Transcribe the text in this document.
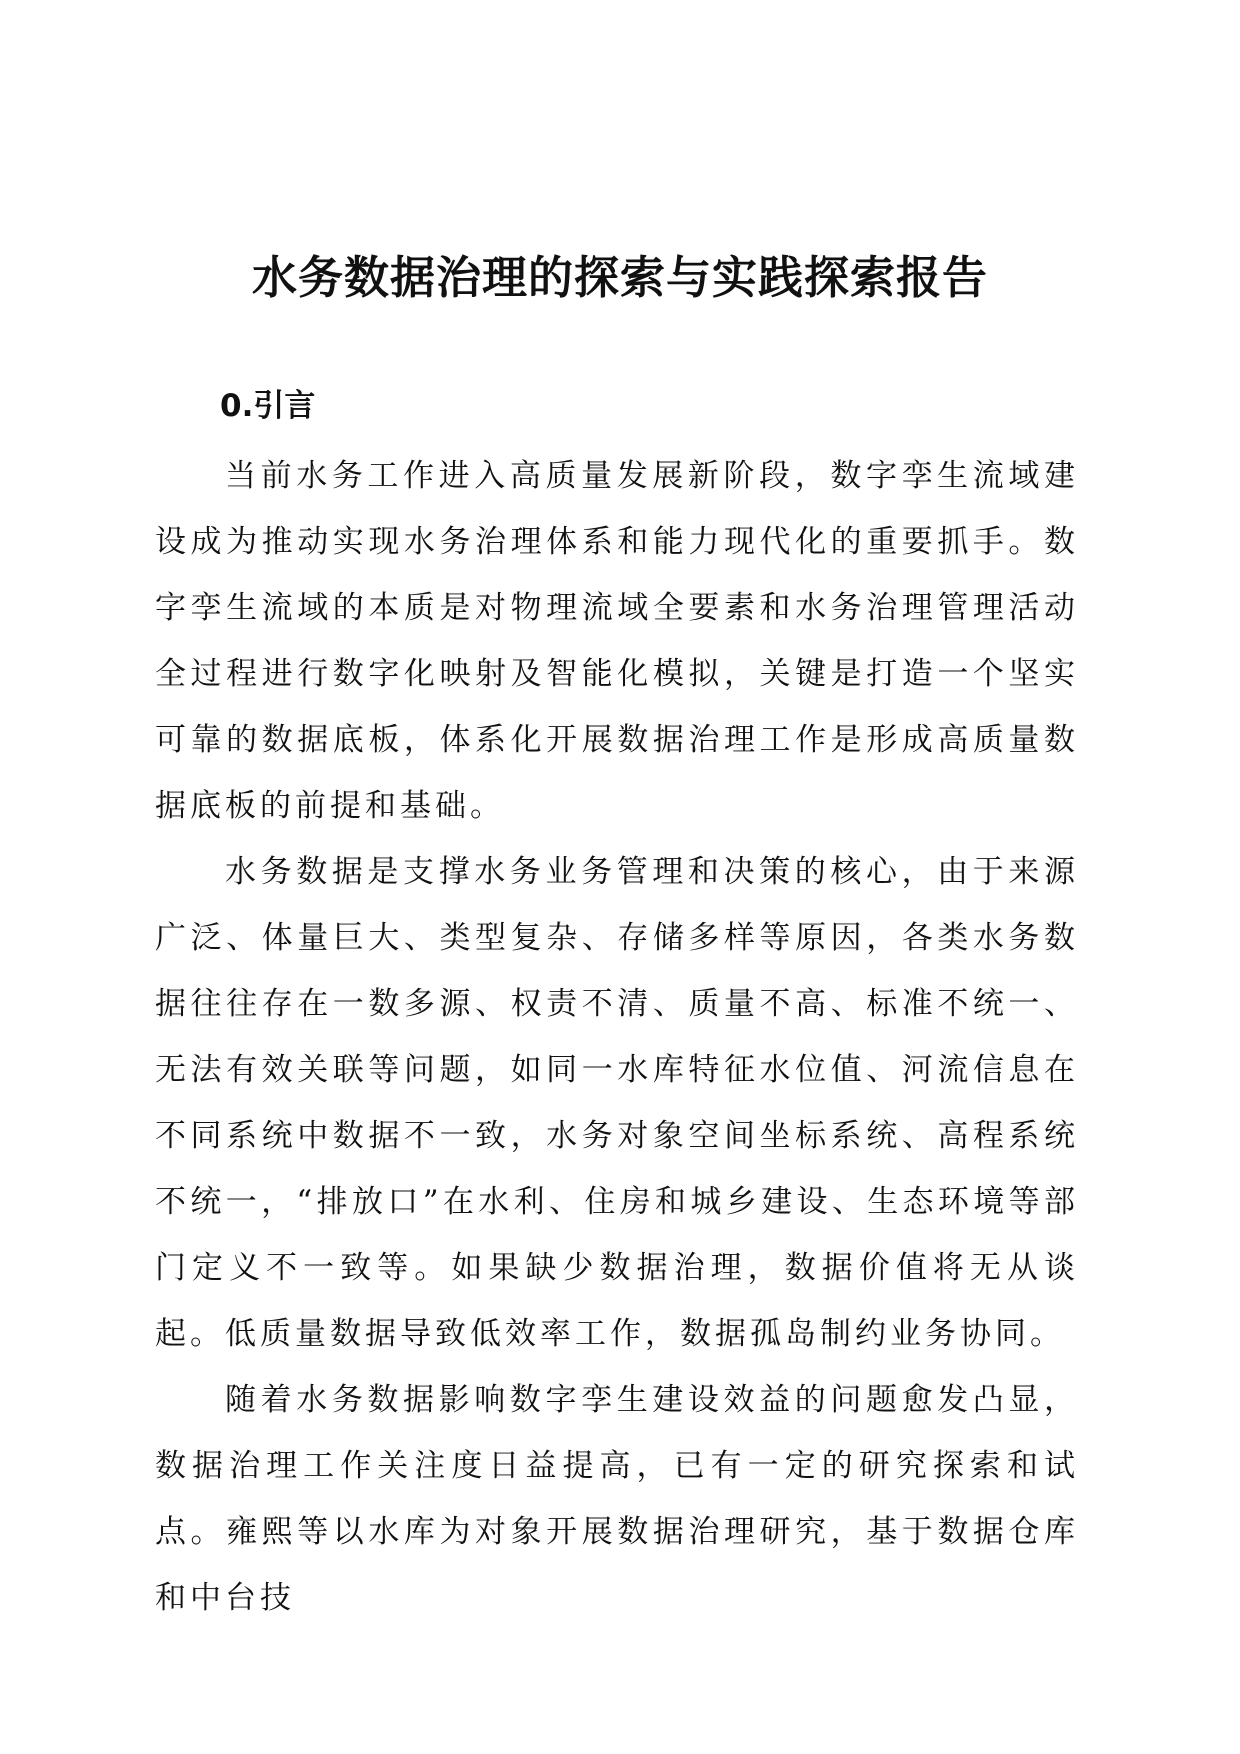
水务数据治理的探索与实践探索报告
0.引言

当前水务工作进入高质量发展新阶段，数字孪生流域建设成为推动实现水务治理体系和能力现代化的重要抓手。数字孪生流域的本质是对物理流域全要素和水务治理管理活动全过程进行数字化映射及智能化模拟，关键是打造一个坚实可靠的数据底板，体系化开展数据治理工作是形成高质量数据底板的前提和基础。

水务数据是支撑水务业务管理和决策的核心，由于来源广泛、体量巨大、类型复杂、存储多样等原因，各类水务数据往往存在一数多源、权责不清、质量不高、标准不统一、无法有效关联等问题，如同一水库特征水位值、河流信息在不同系统中数据不一致，水务对象空间坐标系统、高程系统不统一，“排放口”在水利、住房和城乡建设、生态环境等部门定义不一致等。如果缺少数据治理，数据价值将无从谈起。低质量数据导致低效率工作，数据孤岛制约业务协同。

随着水务数据影响数字孪生建设效益的问题愈发凸显，数据治理工作关注度日益提高，已有一定的研究探索和试点。雍熙等以水库为对象开展数据治理研究，基于数据仓库和中台技
